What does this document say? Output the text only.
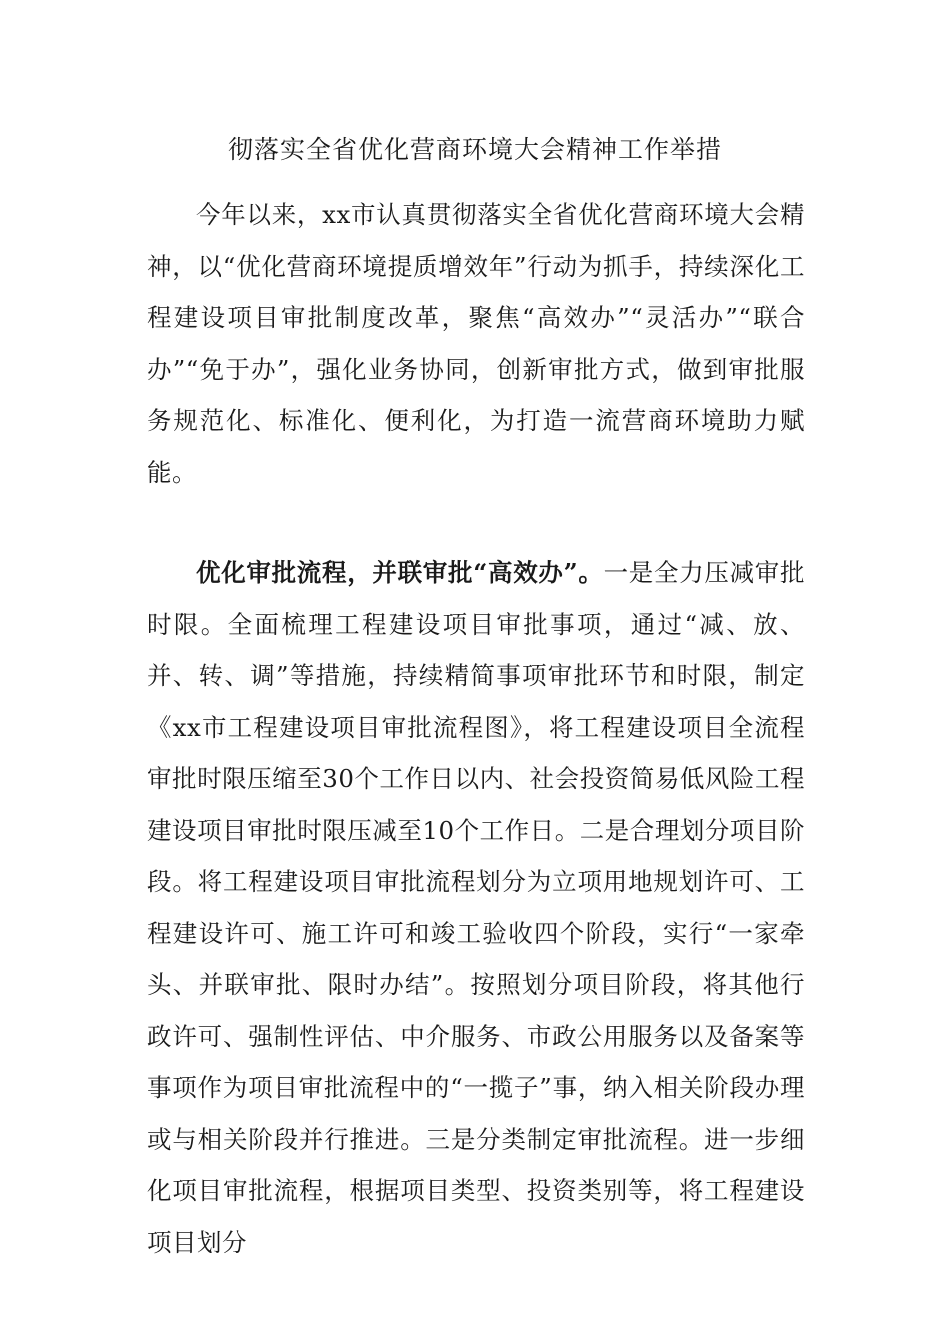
彻落实全省优化营商环境大会精神工作举措
今年以来，xx市认真贯彻落实全省优化营商环境大会精神，以“优化营商环境提质增效年”行动为抓手，持续深化工程建设项目审批制度改革，聚焦“高效办”“灵活办”“联合办”“免于办”，强化业务协同，创新审批方式，做到审批服务规范化、标准化、便利化，为打造一流营商环境助力赋能。
优化审批流程，并联审批“高效办”。一是全力压减审批时限。全面梳理工程建设项目审批事项，通过“减、放、并、转、调”等措施，持续精简事项审批环节和时限，制定《xx市工程建设项目审批流程图》，将工程建设项目全流程审批时限压缩至30个工作日以内、社会投资简易低风险工程建设项目审批时限压减至10个工作日。二是合理划分项目阶段。将工程建设项目审批流程划分为立项用地规划许可、工程建设许可、施工许可和竣工验收四个阶段，实行“一家牵头、并联审批、限时办结”。按照划分项目阶段，将其他行政许可、强制性评估、中介服务、市政公用服务以及备案等事项作为项目审批流程中的“一揽子”事，纳入相关阶段办理或与相关阶段并行推进。三是分类制定审批流程。进一步细化项目审批流程，根据项目类型、投资类别等，将工程建设项目划分
